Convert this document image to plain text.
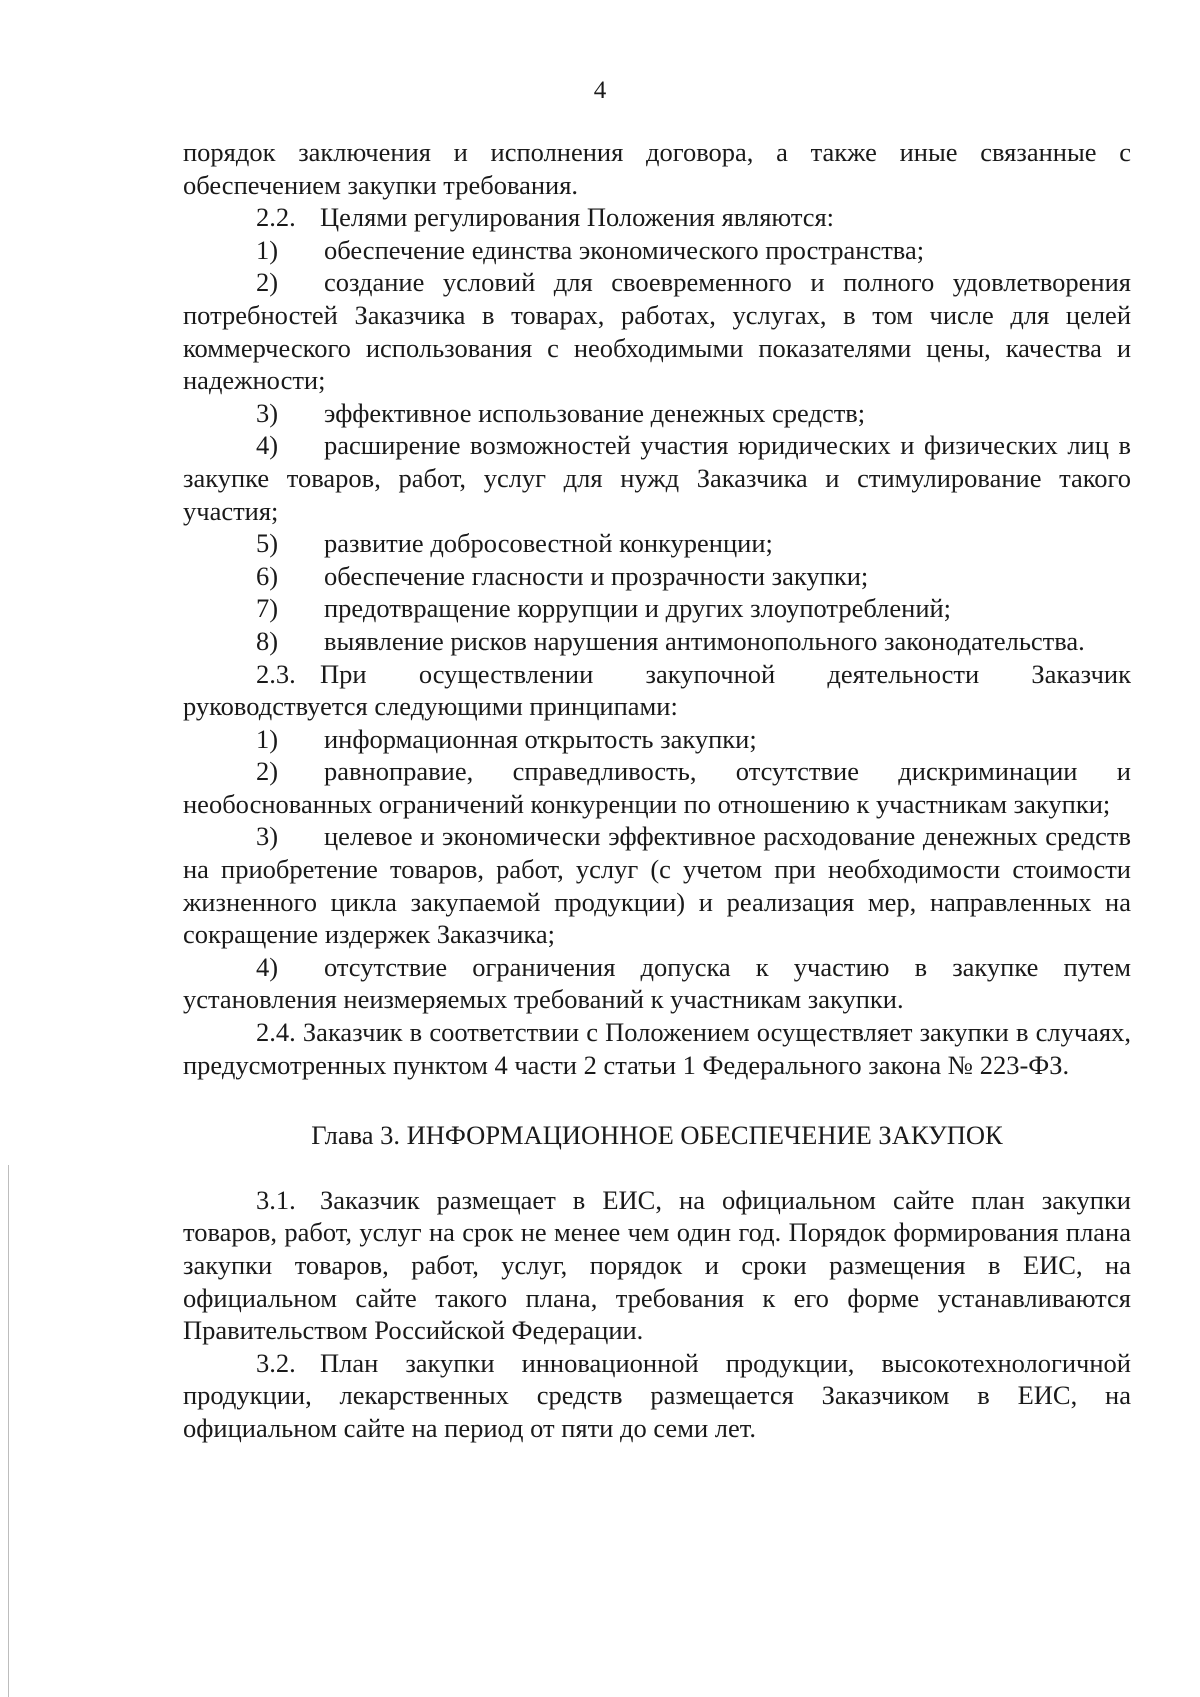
4

порядок заключения и исполнения договора, а также иные связанные с обеспечением закупки требования.

2.2. Целями регулирования Положения являются:

1) обеспечение единства экономического пространства;

2) создание условий для своевременного и полного удовлетворения потребностей Заказчика в товарах, работах, услугах, в том числе для целей коммерческого использования с необходимыми показателями цены, качества и надежности;

3) эффективное использование денежных средств;

4) расширение возможностей участия юридических и физических лиц в закупке товаров, работ, услуг для нужд Заказчика и стимулирование такого участия;

5) развитие добросовестной конкуренции;

6) обеспечение гласности и прозрачности закупки;

7) предотвращение коррупции и других злоупотреблений;

8) выявление рисков нарушения антимонопольного законодательства.

2.3. При осуществлении закупочной деятельности Заказчик руководствуется следующими принципами:

1) информационная открытость закупки;

2) равноправие, справедливость, отсутствие дискриминации и необоснованных ограничений конкуренции по отношению к участникам закупки;

3) целевое и экономически эффективное расходование денежных средств на приобретение товаров, работ, услуг (с учетом при необходимости стоимости жизненного цикла закупаемой продукции) и реализация мер, направленных на сокращение издержек Заказчика;

4) отсутствие ограничения допуска к участию в закупке путем установления неизмеряемых требований к участникам закупки.

2.4. Заказчик в соответствии с Положением осуществляет закупки в случаях, предусмотренных пунктом 4 части 2 статьи 1 Федерального закона № 223-ФЗ.

Глава 3. ИНФОРМАЦИОННОЕ ОБЕСПЕЧЕНИЕ ЗАКУПОК

3.1. Заказчик размещает в ЕИС, на официальном сайте план закупки товаров, работ, услуг на срок не менее чем один год. Порядок формирования плана закупки товаров, работ, услуг, порядок и сроки размещения в ЕИС, на официальном сайте такого плана, требования к его форме устанавливаются Правительством Российской Федерации.

3.2. План закупки инновационной продукции, высокотехнологичной продукции, лекарственных средств размещается Заказчиком в ЕИС, на официальном сайте на период от пяти до семи лет.
